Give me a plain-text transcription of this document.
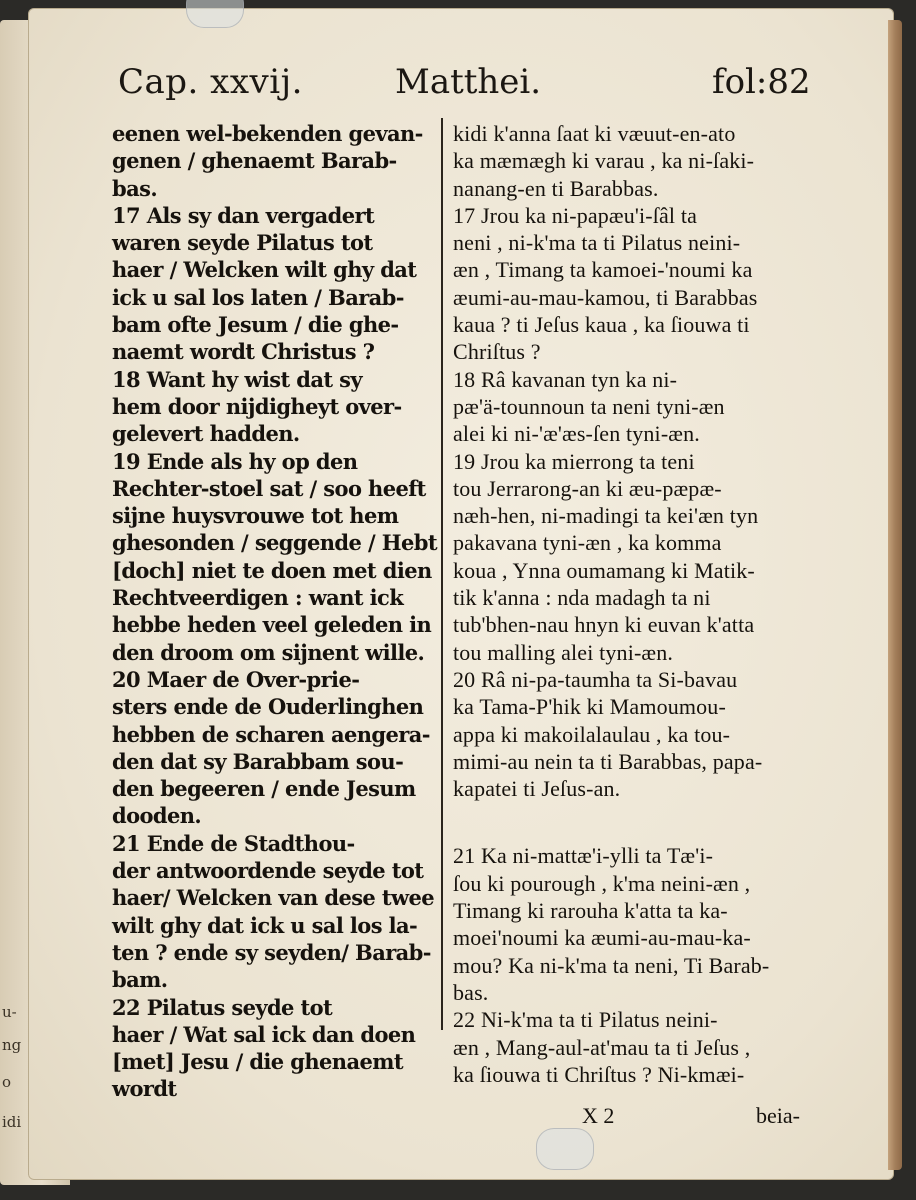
u-
ng
o
idi
Cap. xxvij.	Matthei.	fol:82

eenen wel-bekenden gevan-
genen / ghenaemt Barab-
bas.
17 Als sy dan vergadert
waren seyde Pilatus tot
haer / Welcken wilt ghy dat
ick u sal los laten / Barab-
bam ofte Jesum / die ghe-
naemt wordt Christus ?
18 Want hy wist dat sy
hem door nijdigheyt over-
gelevert hadden.
19 Ende als hy op den
Rechter-stoel sat / soo heeft
sijne huysvrouwe tot hem
ghesonden / seggende / Hebt
[doch] niet te doen met dien
Rechtveerdigen : want ick
hebbe heden veel geleden in
den droom om sijnent wille.
20 Maer de Over-prie-
sters ende de Ouderlinghen
hebben de scharen aengera-
den dat sy Barabbam sou-
den begeeren / ende Jesum
dooden.
21 Ende de Stadthou-
der antwoordende seyde tot
haer/ Welcken van dese twee
wilt ghy dat ick u sal los la-
ten ? ende sy seyden/ Barab-
bam.
22 Pilatus seyde tot
haer / Wat sal ick dan doen
[met] Jesu / die ghenaemt
wordt

kidi k'anna ſaat ki væuut-en-ato
ka mæmægh ki varau , ka ni-ſaki-
nanang-en ti Barabbas.
17 Jrou ka ni-papæu'i-ſâl ta
neni , ni-k'ma ta ti Pilatus neini-
æn , Timang ta kamoei-'noumi ka
æumi-au-mau-kamou, ti Barabbas
kaua ? ti Jeſus kaua , ka ſiouwa ti
Chriſtus ?
18 Râ kavanan tyn ka ni-
pæ'ä-tounnoun ta neni tyni-æn
alei ki ni-'æ'æs-ſen tyni-æn.
19 Jrou ka mierrong ta teni
tou Jerrarong-an ki æu-pæpæ-
næh-hen, ni-madingi ta kei'æn tyn
pakavana tyni-æn , ka komma
koua , Ynna oumamang ki Matik-
tik k'anna : nda madagh ta ni
tub'bhen-nau hnyn ki euvan k'atta
tou malling alei tyni-æn.
20 Râ ni-pa-taumha ta Si-bavau
ka Tama-P'hik ki Mamoumou-
appa ki makoilalaulau , ka tou-
mimi-au nein ta ti Barabbas, papa-
kapatei ti Jeſus-an.

21 Ka ni-mattæ'i-ylli ta Tæ'i-
ſou ki pourough , k'ma neini-æn ,
Timang ki rarouha k'atta ta ka-
moei'noumi ka æumi-au-mau-ka-
mou? Ka ni-k'ma ta neni, Ti Barab-
bas.
22 Ni-k'ma ta ti Pilatus neini-
æn , Mang-aul-at'mau ta ti Jeſus ,
ka ſiouwa ti Chriſtus ? Ni-kmæi-

X 2	beia-
